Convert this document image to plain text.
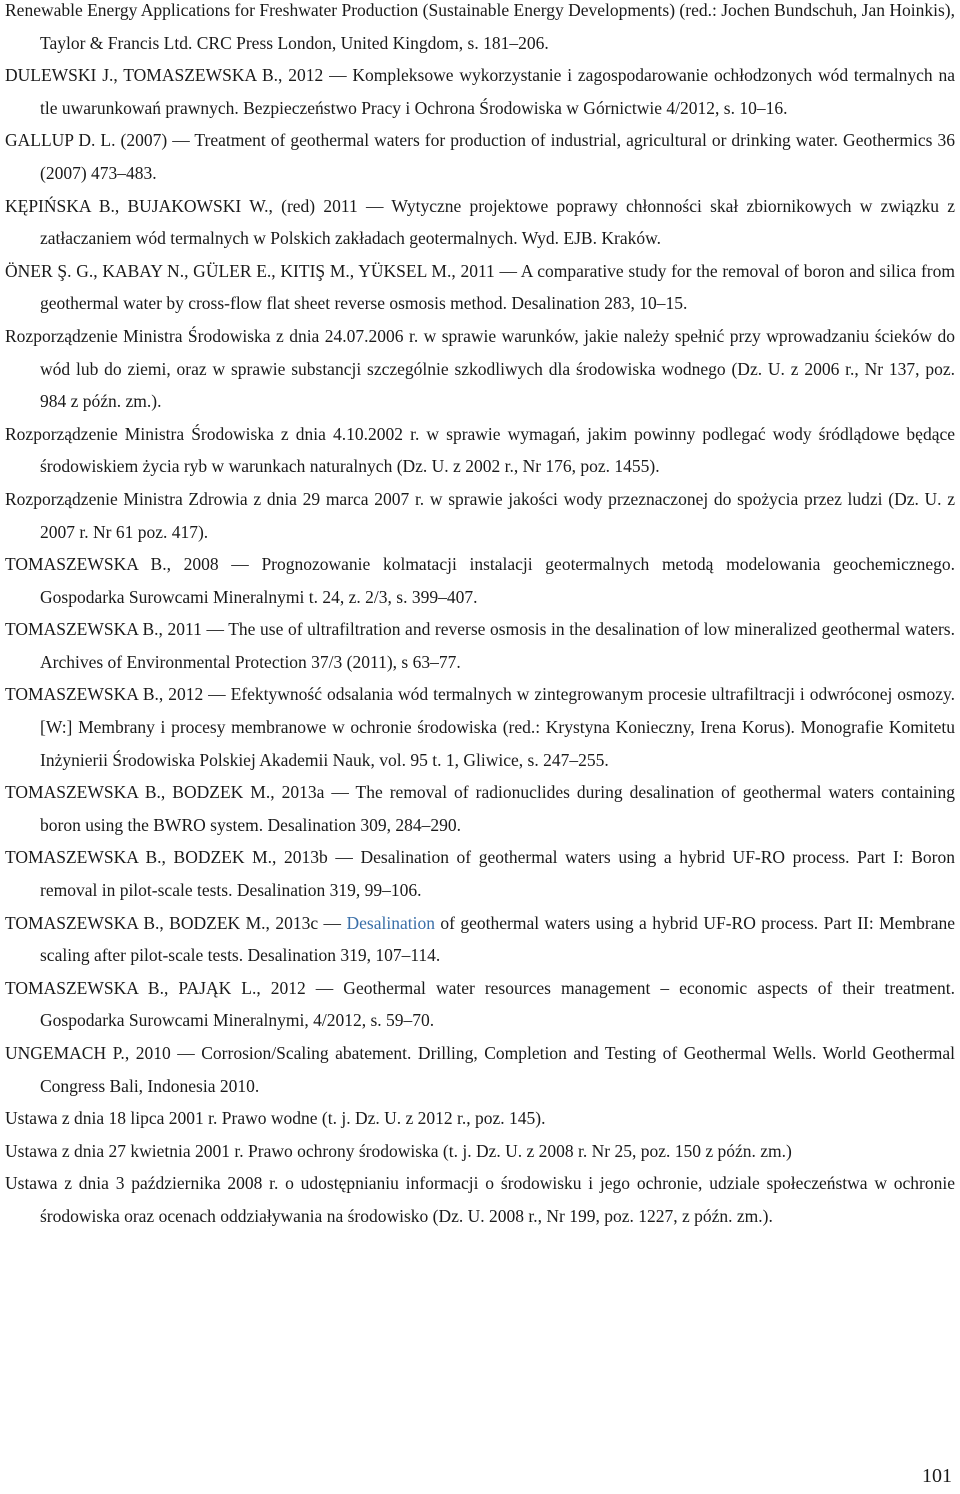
Renewable Energy Applications for Freshwater Production (Sustainable Energy Developments) (red.: Jochen Bundschuh, Jan Hoinkis), Taylor & Francis Ltd. CRC Press London, United Kingdom, s. 181–206.
DULEWSKI J., TOMASZEWSKA B., 2012 — Kompleksowe wykorzystanie i zagospodarowanie ochłodzonych wód termalnych na tle uwarunkowań prawnych. Bezpieczeństwo Pracy i Ochrona Środowiska w Górnictwie 4/2012, s. 10–16.
GALLUP D. L. (2007) — Treatment of geothermal waters for production of industrial, agricultural or drinking water. Geothermics 36 (2007) 473–483.
KĘPIŃSKA B., BUJAKOWSKI W., (red) 2011 — Wytyczne projektowe poprawy chłonności skał zbiornikowych w związku z zatłaczaniem wód termalnych w Polskich zakładach geotermalnych. Wyd. EJB. Kraków.
ÖNER Ş. G., KABAY N., GÜLER E., KITIŞ M., YÜKSEL M., 2011 — A comparative study for the removal of boron and silica from geothermal water by cross-flow flat sheet reverse osmosis method. Desalination 283, 10–15.
Rozporządzenie Ministra Środowiska z dnia 24.07.2006 r. w sprawie warunków, jakie należy spełnić przy wprowadzaniu ścieków do wód lub do ziemi, oraz w sprawie substancji szczególnie szkodliwych dla środowiska wodnego (Dz. U. z 2006 r., Nr 137, poz. 984 z późn. zm.).
Rozporządzenie Ministra Środowiska z dnia 4.10.2002 r. w sprawie wymagań, jakim powinny podlegać wody śródlądowe będące środowiskiem życia ryb w warunkach naturalnych (Dz. U. z 2002 r., Nr 176, poz. 1455).
Rozporządzenie Ministra Zdrowia z dnia 29 marca 2007 r. w sprawie jakości wody przeznaczonej do spożycia przez ludzi (Dz. U. z 2007 r. Nr 61 poz. 417).
TOMASZEWSKA B., 2008 — Prognozowanie kolmatacji instalacji geotermalnych metodą modelowania geochemicznego. Gospodarka Surowcami Mineralnymi t. 24, z. 2/3, s. 399–407.
TOMASZEWSKA B., 2011 — The use of ultrafiltration and reverse osmosis in the desalination of low mineralized geothermal waters. Archives of Environmental Protection 37/3 (2011), s 63–77.
TOMASZEWSKA B., 2012 — Efektywność odsalania wód termalnych w zintegrowanym procesie ultrafiltracji i odwróconej osmozy. [W:] Membrany i procesy membranowe w ochronie środowiska (red.: Krystyna Konieczny, Irena Korus). Monografie Komitetu Inżynierii Środowiska Polskiej Akademii Nauk, vol. 95 t. 1, Gliwice, s. 247–255.
TOMASZEWSKA B., BODZEK M., 2013a — The removal of radionuclides during desalination of geothermal waters containing boron using the BWRO system. Desalination 309, 284–290.
TOMASZEWSKA B., BODZEK M., 2013b — Desalination of geothermal waters using a hybrid UF-RO process. Part I: Boron removal in pilot-scale tests. Desalination 319, 99–106.
TOMASZEWSKA B., BODZEK M., 2013c — Desalination of geothermal waters using a hybrid UF-RO process. Part II: Membrane scaling after pilot-scale tests. Desalination 319, 107–114.
TOMASZEWSKA B., PAJĄK L., 2012 — Geothermal water resources management – economic aspects of their treatment. Gospodarka Surowcami Mineralnymi, 4/2012, s. 59–70.
UNGEMACH P., 2010 — Corrosion/Scaling abatement. Drilling, Completion and Testing of Geothermal Wells. World Geothermal Congress Bali, Indonesia 2010.
Ustawa z dnia 18 lipca 2001 r. Prawo wodne (t. j. Dz. U. z 2012 r., poz. 145).
Ustawa z dnia 27 kwietnia 2001 r. Prawo ochrony środowiska (t. j. Dz. U. z 2008 r. Nr 25, poz. 150 z późn. zm.)
Ustawa z dnia 3 października 2008 r. o udostępnianiu informacji o środowisku i jego ochronie, udziale społeczeństwa w ochronie środowiska oraz ocenach oddziaływania na środowisko (Dz. U. 2008 r., Nr 199, poz. 1227, z późn. zm.).
101
